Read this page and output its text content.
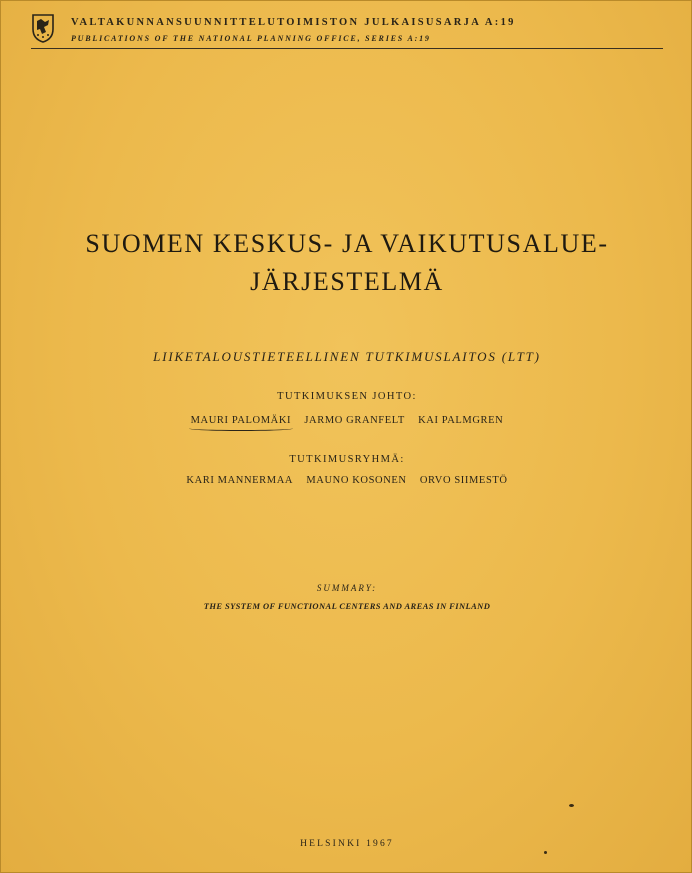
VALTAKUNNANSUUNNITTELUTOIMISTON JULKAISUSARJA A:19
PUBLICATIONS OF THE NATIONAL PLANNING OFFICE, SERIES A:19
SUOMEN KESKUS- JA VAIKUTUSALUE-
JÄRJESTELMÄ
LIIKETALOUSTIETEELLINEN TUTKIMUSLAITOS (LTT)
TUTKIMUKSEN JOHTO:
MAURI PALOMÄKI JARMO GRANFELT KAI PALMGREN
TUTKIMUSRYHMÄ:
KARI MANNERMAA MAUNO KOSONEN ORVO SIIMESTÖ
SUMMARY:
THE SYSTEM OF FUNCTIONAL CENTERS AND AREAS IN FINLAND
HELSINKI 1967
